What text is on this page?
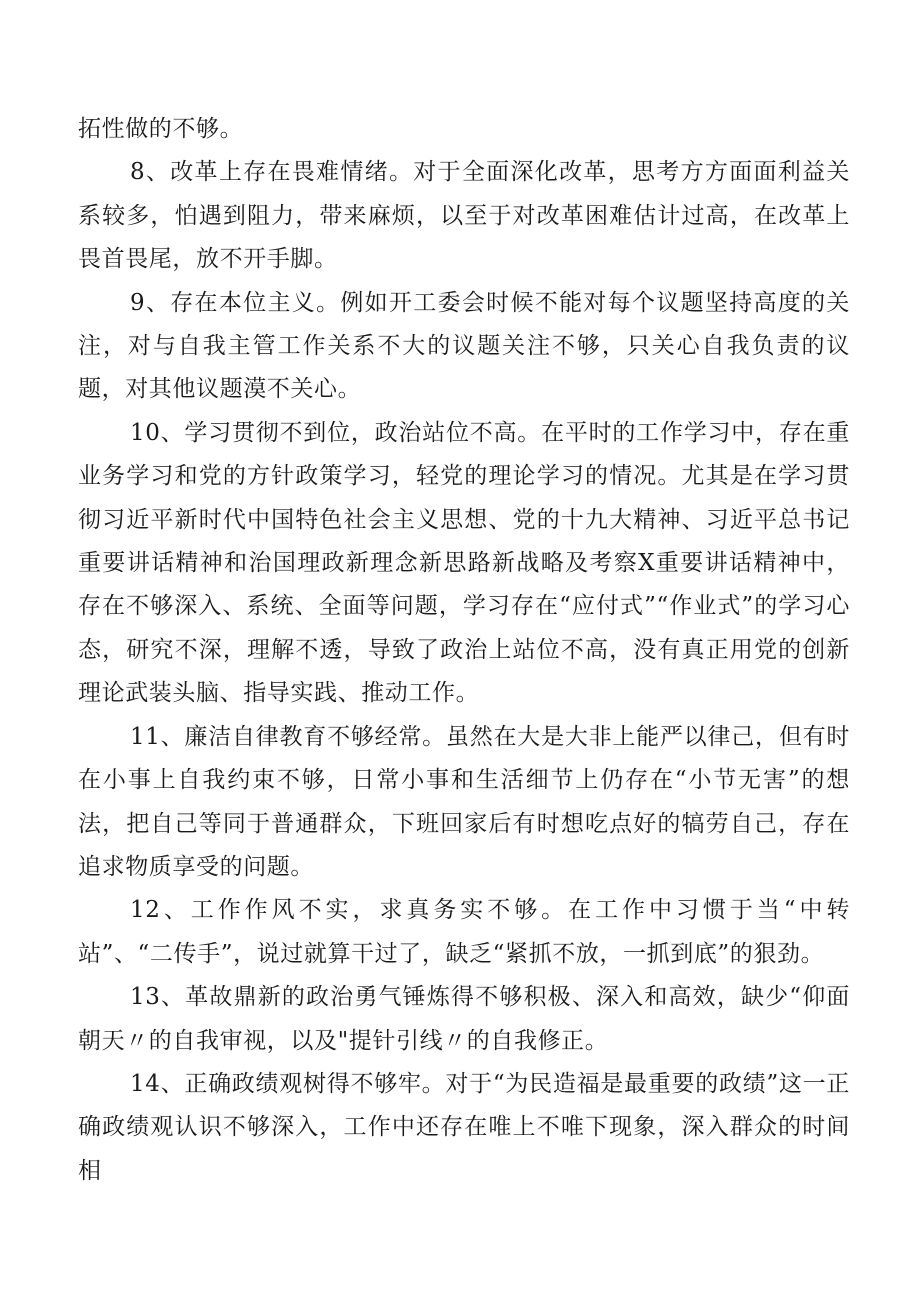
拓性做的不够。

8、改革上存在畏难情绪。对于全面深化改革，思考方方面面利益关系较多，怕遇到阻力，带来麻烦，以至于对改革困难估计过高，在改革上畏首畏尾，放不开手脚。

9、存在本位主义。例如开工委会时候不能对每个议题坚持高度的关注，对与自我主管工作关系不大的议题关注不够，只关心自我负责的议题，对其他议题漠不关心。

10、学习贯彻不到位，政治站位不高。在平时的工作学习中，存在重业务学习和党的方针政策学习，轻党的理论学习的情况。尤其是在学习贯彻习近平新时代中国特色社会主义思想、党的十九大精神、习近平总书记重要讲话精神和治国理政新理念新思路新战略及考察X重要讲话精神中，存在不够深入、系统、全面等问题，学习存在“应付式”“作业式”的学习心态，研究不深，理解不透，导致了政治上站位不高，没有真正用党的创新理论武装头脑、指导实践、推动工作。

11、廉洁自律教育不够经常。虽然在大是大非上能严以律己，但有时在小事上自我约束不够，日常小事和生活细节上仍存在“小节无害”的想法，把自己等同于普通群众，下班回家后有时想吃点好的犒劳自己，存在追求物质享受的问题。

12、工作作风不实，求真务实不够。在工作中习惯于当“中转站”、“二传手”，说过就算干过了，缺乏“紧抓不放，一抓到底”的狠劲。

13、革故鼎新的政治勇气锤炼得不够积极、深入和高效，缺少“仰面朝天〃的自我审视，以及"提针引线〃的自我修正。

14、正确政绩观树得不够牢。对于“为民造福是最重要的政绩”这一正确政绩观认识不够深入，工作中还存在唯上不唯下现象，深入群众的时间相
